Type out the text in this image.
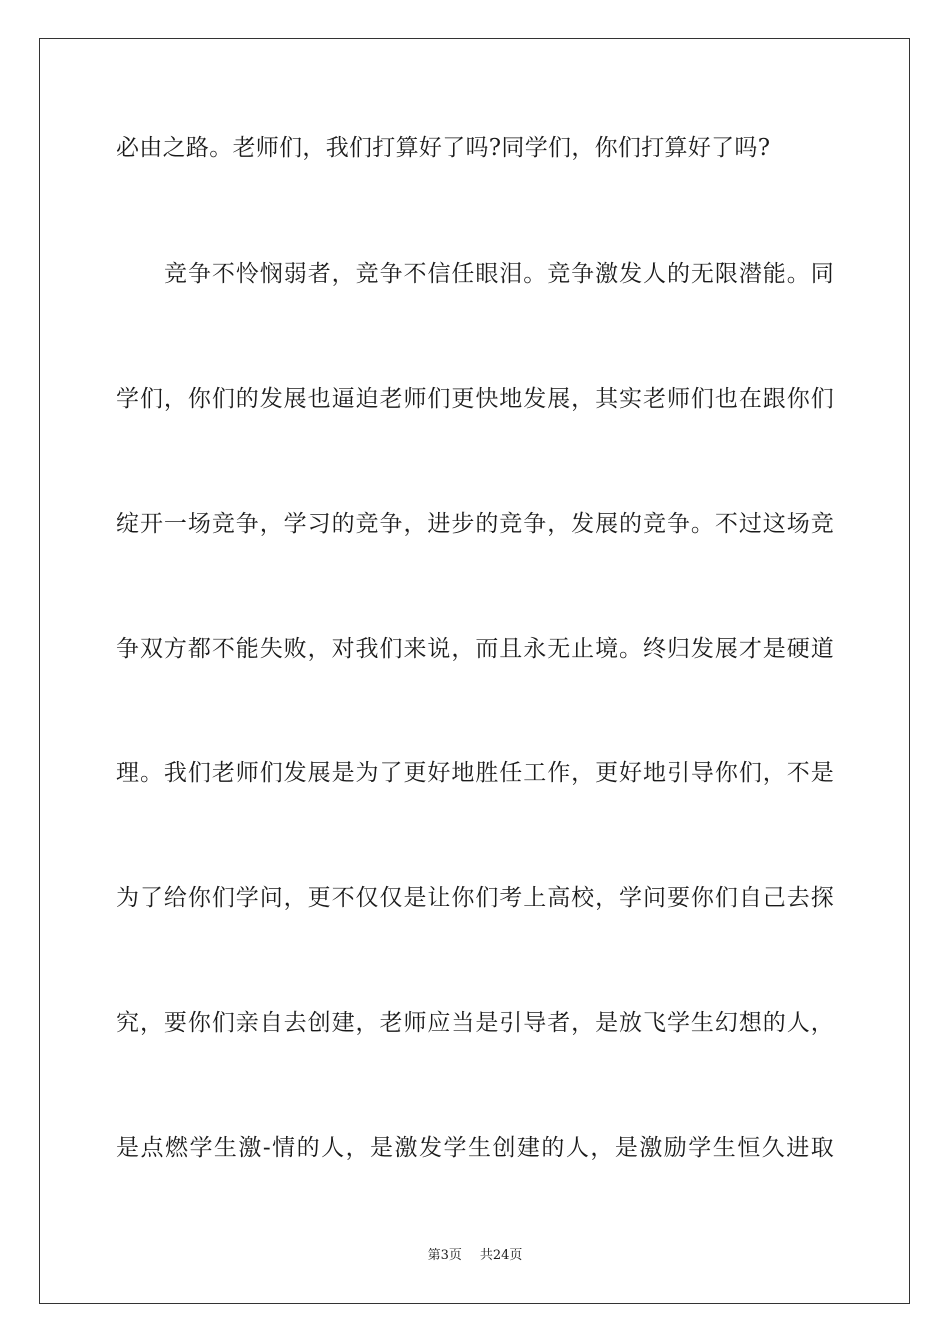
必由之路。老师们，我们打算好了吗?同学们，你们打算好了吗?
竞争不怜悯弱者，竞争不信任眼泪。竞争激发人的无限潜能。同
学们，你们的发展也逼迫老师们更快地发展，其实老师们也在跟你们
绽开一场竞争，学习的竞争，进步的竞争，发展的竞争。不过这场竞
争双方都不能失败，对我们来说，而且永无止境。终归发展才是硬道
理。我们老师们发展是为了更好地胜任工作，更好地引导你们，不是
为了给你们学问，更不仅仅是让你们考上高校，学问要你们自己去探
究，要你们亲自去创建，老师应当是引导者，是放飞学生幻想的人，
是点燃学生激-情的人，是激发学生创建的人，是激励学生恒久进取
第3页 共24页
